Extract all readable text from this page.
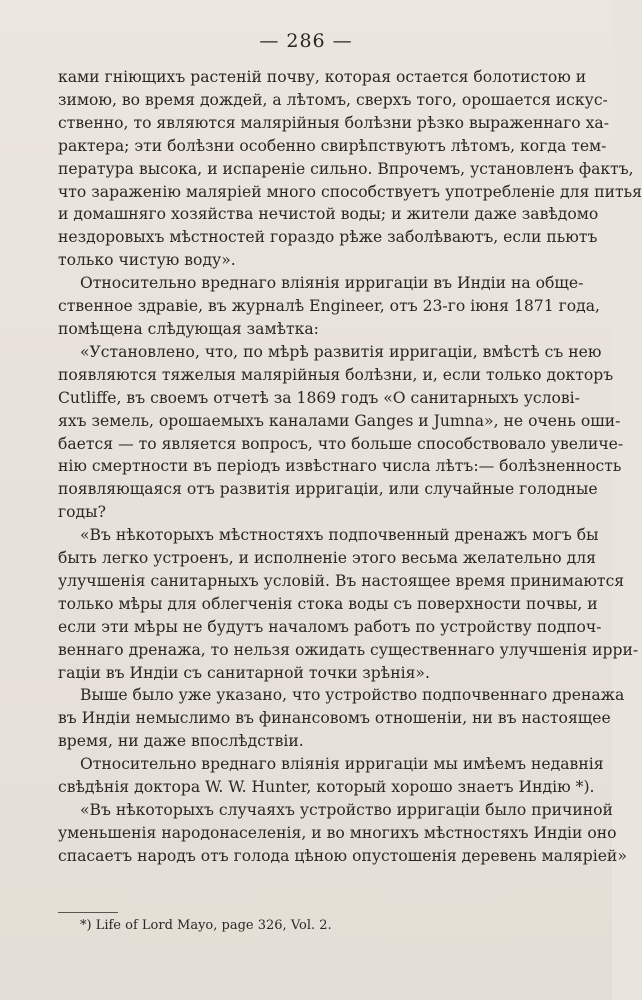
— 286 —
ками гніющихъ растеній почву, которая остается болотистою и
зимою, во время дождей, а лѣтомъ, сверхъ того, орошается искус-
ственно, то являются малярійныя болѣзни рѣзко выраженнаго ха-
рактера; эти болѣзни особенно свирѣпствуютъ лѣтомъ, когда тем-
пература высока, и испареніе сильно. Впрочемъ, установленъ фактъ,
что зараженію малярiей много способствуетъ употребленіе для питья
и домашняго хозяйства нечистой воды; и жители даже завѣдомо
нездоровыхъ мѣстностей гораздо рѣже заболѣваютъ, если пьютъ
только чистую воду».
Относительно вреднаго вліянія ирригаціи въ Индіи на обще-
ственное здравіе, въ журналѣ Engineer, отъ 23-го іюня 1871 года,
помѣщена слѣдующая замѣтка:
«Установлено, что, по мѣрѣ развитія ирригаціи, вмѣстѣ съ нею
появляются тяжелыя малярійныя болѣзни, и, если только докторъ
Cutliffe, въ своемъ отчетѣ за 1869 годъ «О санитарныхъ условi-
яхъ земель, орошаемыхъ каналами Ganges и Jumna», не очень оши-
бается — то является вопросъ, что больше способствовало увеличе-
нію смертности въ періодъ извѣстнаго числа лѣтъ:— болѣзненность
появляющаяся отъ развитія ирригаціи, или случайные голодные
годы?
«Въ нѣкоторыхъ мѣстностяхъ подпочвенный дренажъ могъ бы
быть легко устроенъ, и исполненіе этого весьма желательно для
улучшенія санитарныхъ условій. Въ настоящее время принимаются
только мѣры для облегченія стока воды съ поверхности почвы, и
если эти мѣры не будутъ началомъ работъ по устройству подпоч-
веннаго дренажа, то нельзя ожидать существеннаго улучшенія ирри-
гаціи въ Индіи съ санитарной точки зрѣнія».
Выше было уже указано, что устройство подпочвеннаго дренажа
въ Индіи немыслимо въ финансовомъ отношеніи, ни въ настоящее
время, ни даже впослѣдствіи.
Относительно вреднаго вліянія ирригаціи мы имѣемъ недавнія
свѣдѣнія доктора W. W. Hunter, который хорошо знаетъ Индію *).
«Въ нѣкоторыхъ случаяхъ устройство ирригаціи было причиной
уменьшенія народонаселенія, и во многихъ мѣстностяхъ Индіи оно
спасаетъ народъ отъ голода цѣною опустошенія деревень маляріей»
*) Life of Lord Mayo, page 326, Vol. 2.
